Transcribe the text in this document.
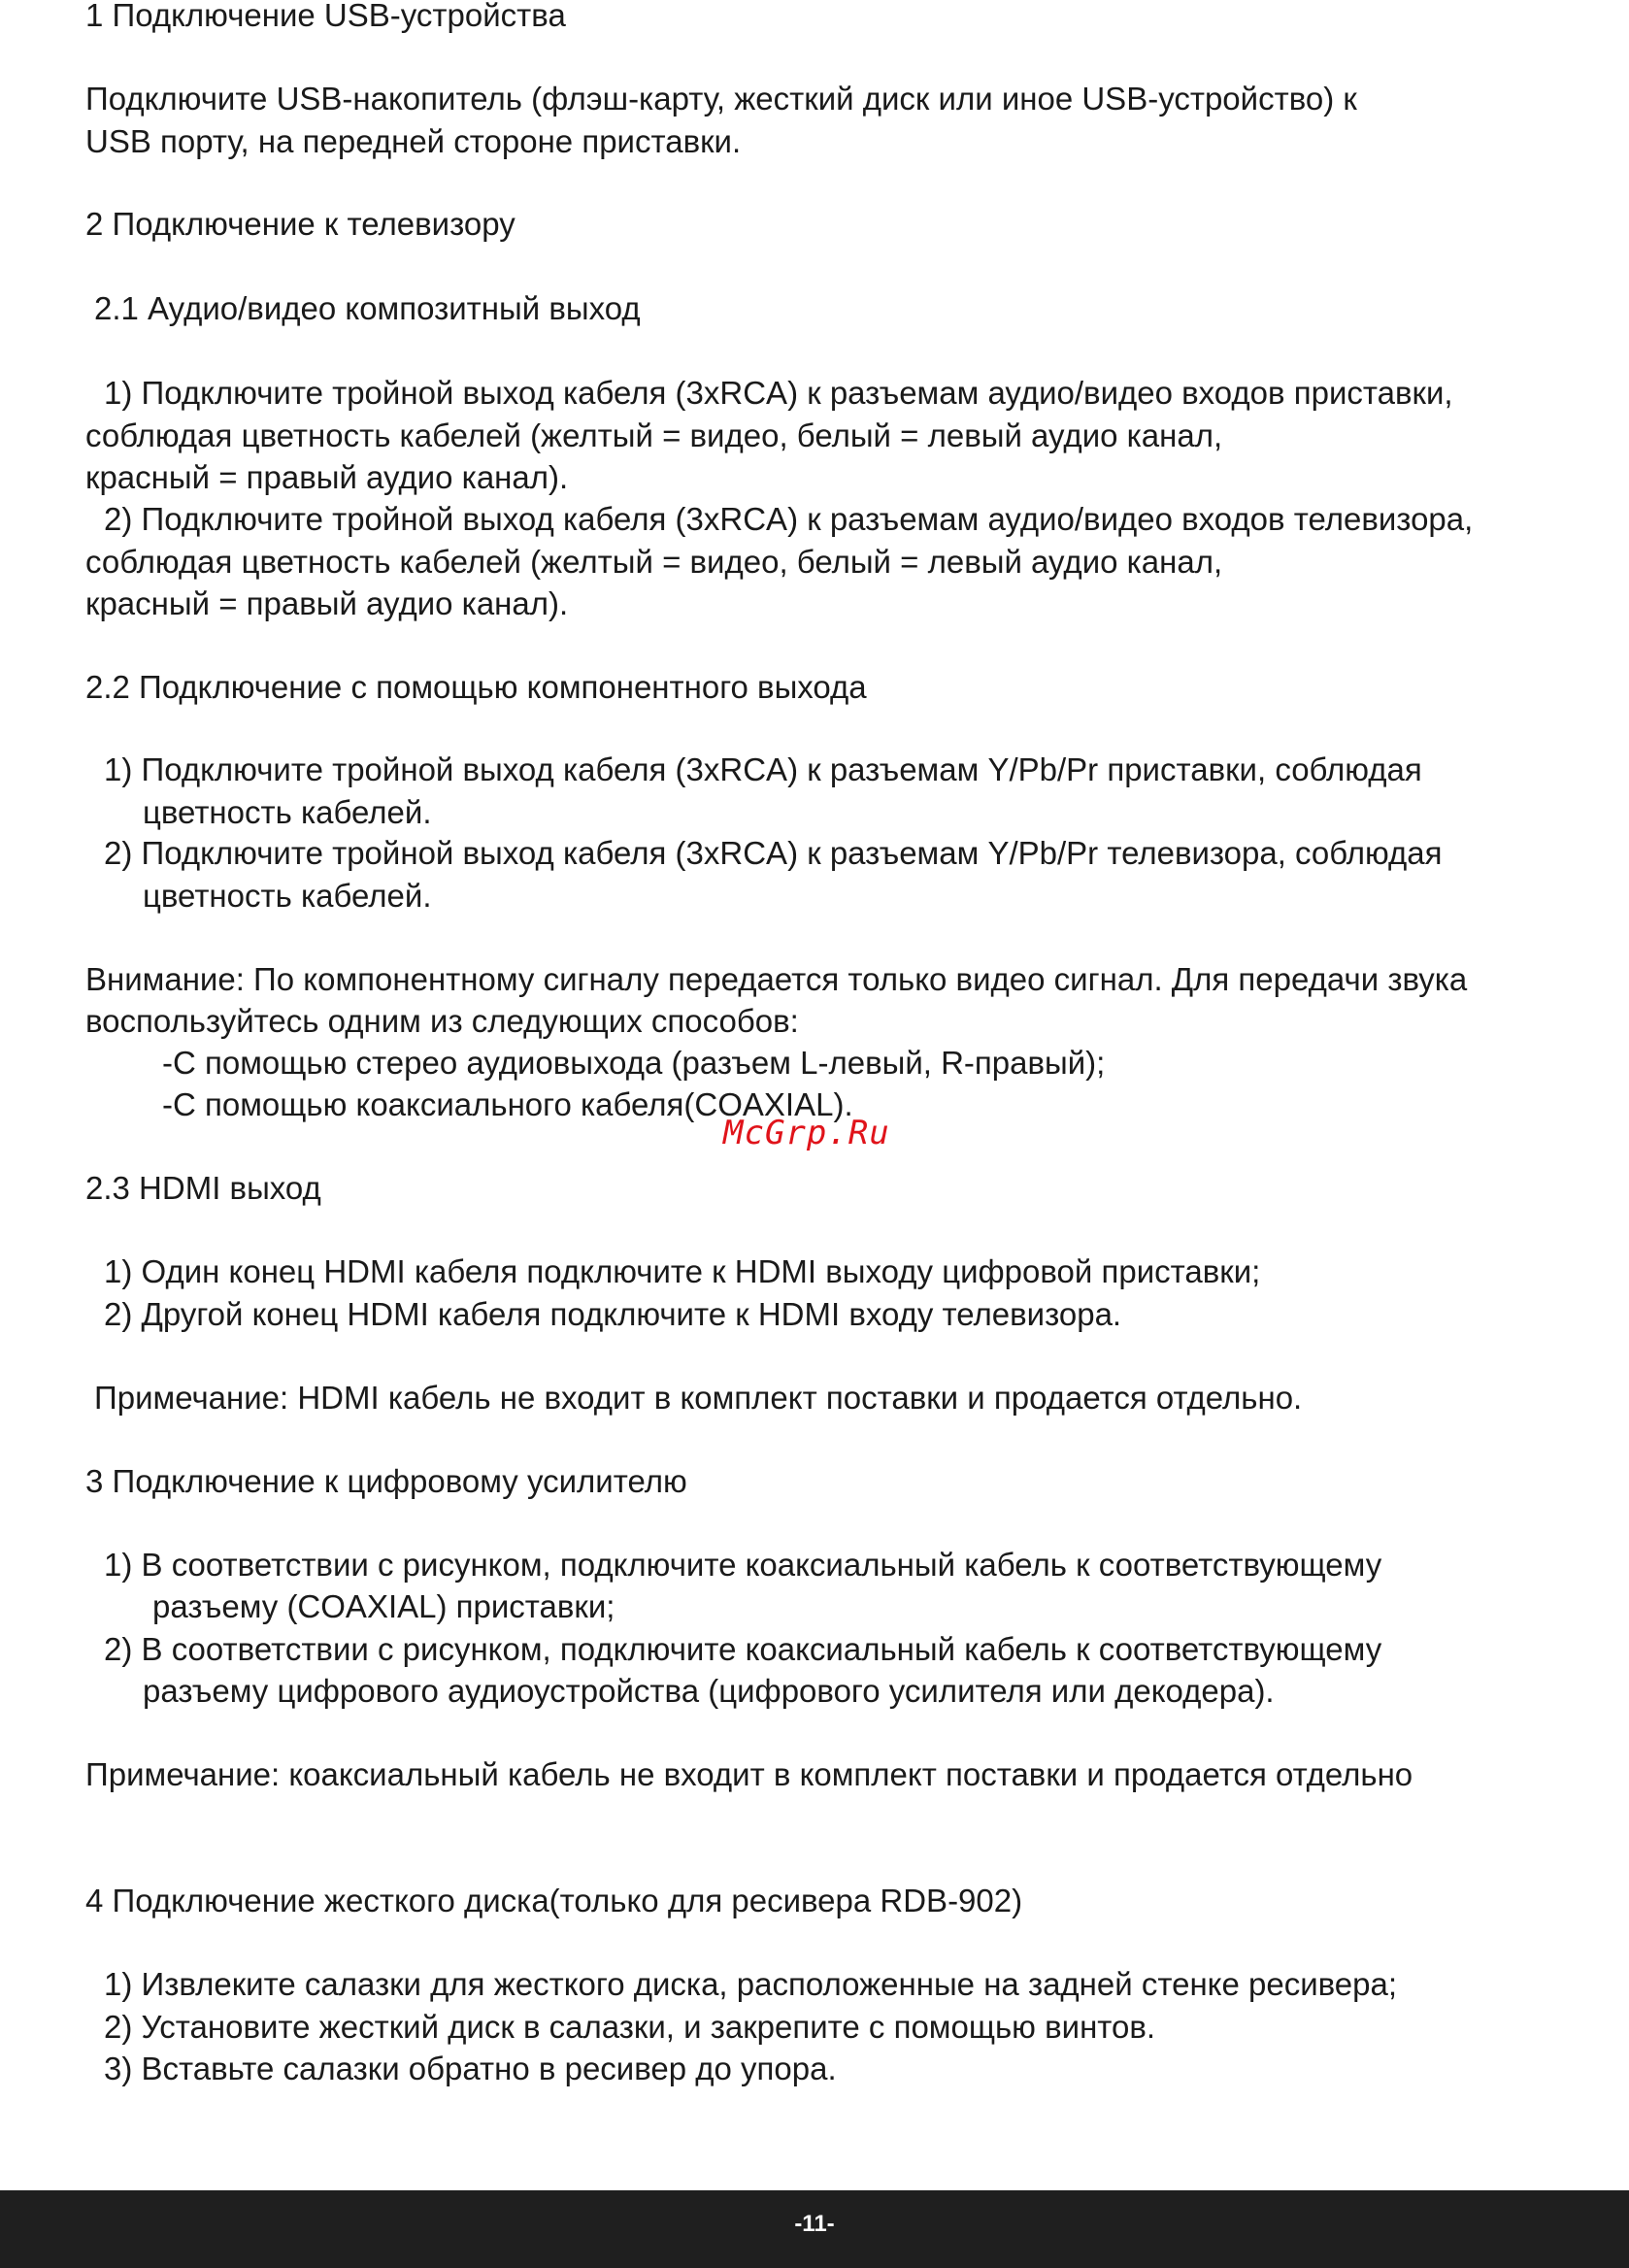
1 Подключение USB-устройства
Подключите USB-накопитель (флэш-карту, жесткий диск или иное USB-устройство) к
USB порту, на передней стороне приставки.
2 Подключение к телевизору
2.1 Аудио/видео композитный выход
1) Подключите тройной выход кабеля (3xRCA) к разъемам аудио/видео входов приставки,
соблюдая цветность кабелей (желтый = видео, белый = левый аудио канал,
красный = правый аудио канал).
2) Подключите тройной выход кабеля (3xRCA) к разъемам аудио/видео входов телевизора,
соблюдая цветность кабелей (желтый = видео, белый = левый аудио канал,
красный = правый аудио канал).
2.2 Подключение с помощью компонентного выхода
1) Подключите тройной выход кабеля (3xRCA) к разъемам Y/Pb/Pr приставки, соблюдая
цветность кабелей.
2) Подключите тройной выход кабеля (3xRCA) к разъемам Y/Pb/Pr телевизора, соблюдая
цветность кабелей.
Внимание: По компонентному сигналу передается только видео сигнал. Для передачи звука
воспользуйтесь одним из следующих способов:
-С помощью стерео аудиовыхода (разъем L-левый, R-правый);
-С помощью коаксиального кабеля(COAXIAL).
2.3 HDMI выход
1) Один конец HDMI кабеля подключите к HDMI выходу цифровой приставки;
2) Другой конец HDMI кабеля подключите к HDMI входу телевизора.
Примечание: HDMI кабель не входит в комплект поставки и продается отдельно.
3 Подключение к цифровому усилителю
1) В соответствии с рисунком, подключите коаксиальный кабель к соответствующему
разъему (COAXIAL) приставки;
2) В соответствии с рисунком, подключите коаксиальный кабель к соответствующему
разъему цифрового аудиоустройства (цифрового усилителя или декодера).
Примечание: коаксиальный кабель не входит в комплект поставки и продается отдельно
4 Подключение жесткого диска(только для ресивера RDB-902)
1) Извлеките салазки для жесткого диска, расположенные на задней стенке ресивера;
2) Установите жесткий диск в салазки, и закрепите с помощью винтов.
3) Вставьте салазки обратно в ресивер до упора.
McGrp.Ru
-11-
